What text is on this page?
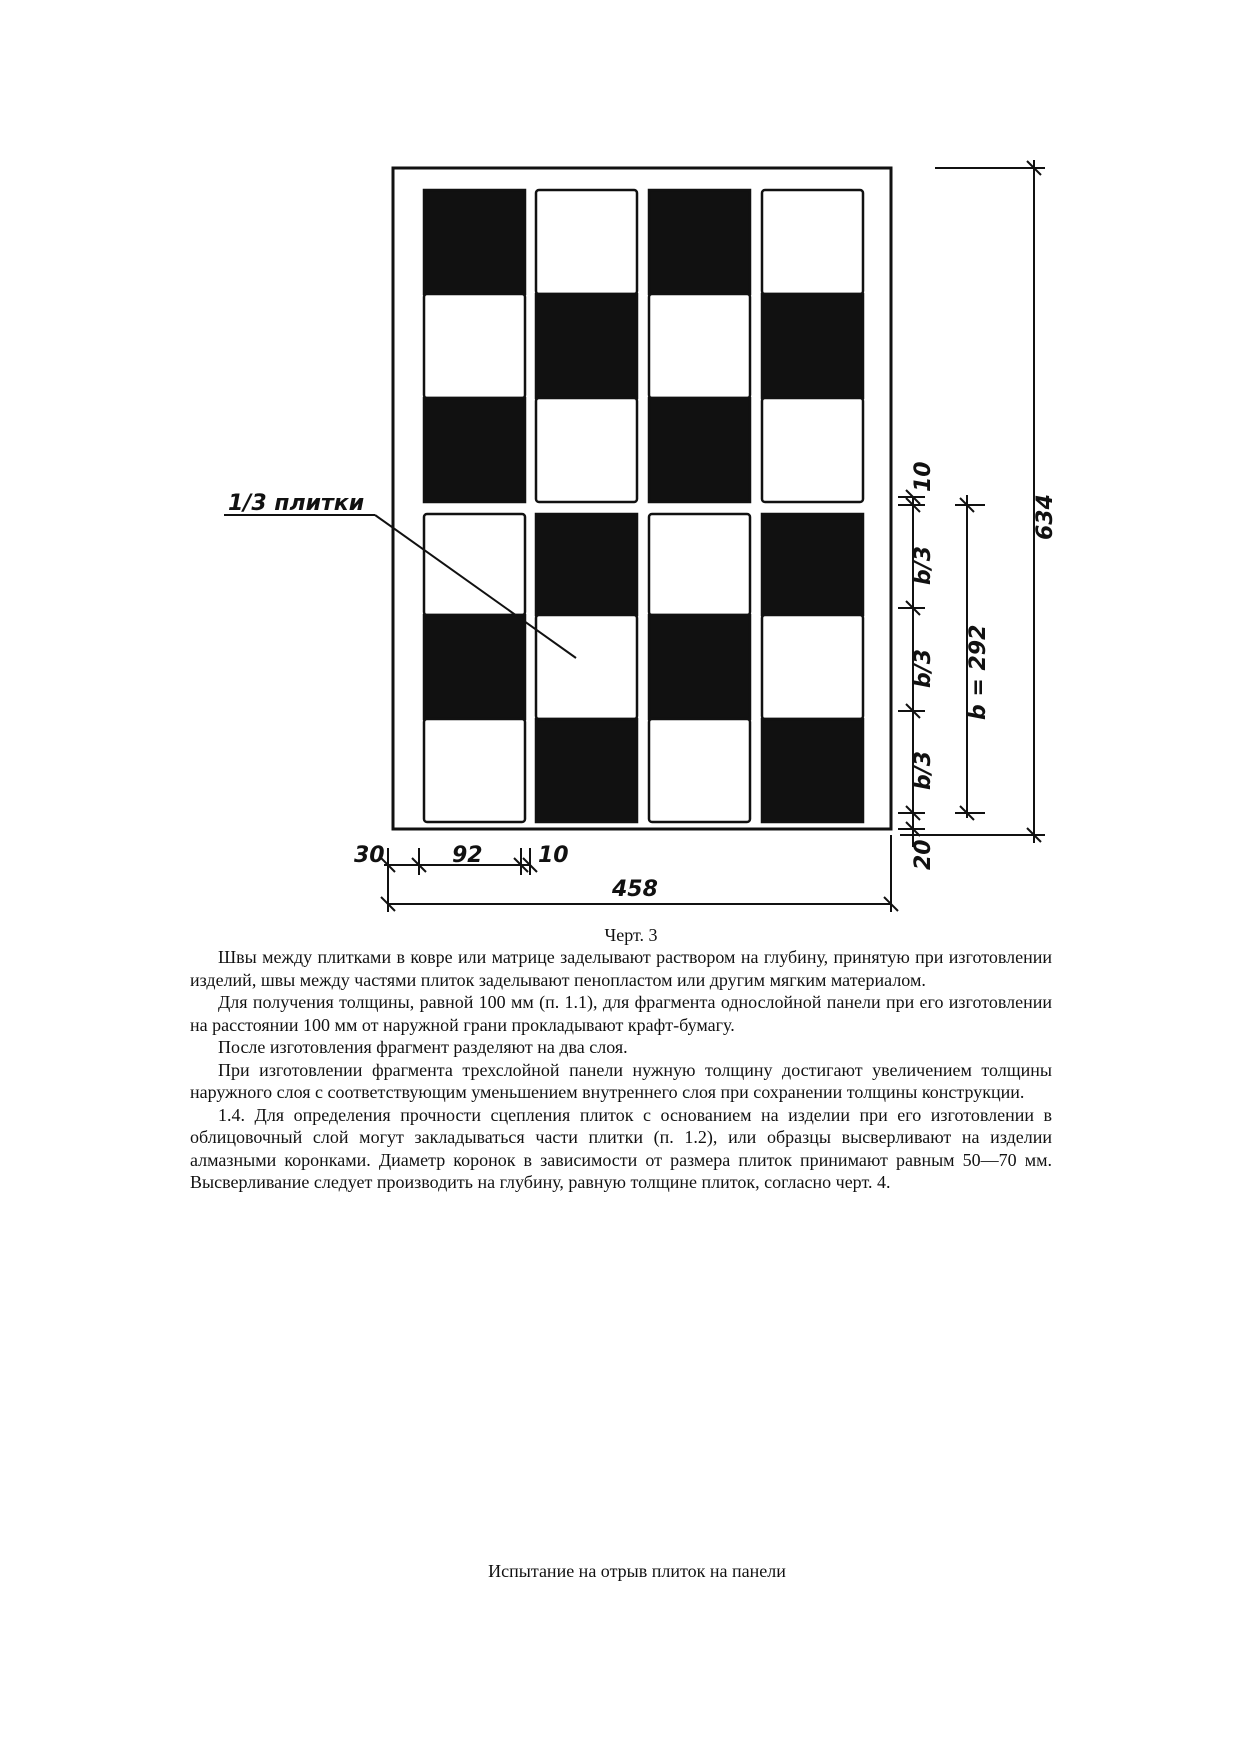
1/3 плитки
30	92	10
458
10
b/3
b/3
b/3
20
b = 292
634
Черт. 3

Швы между плитками в ковре или матрице заделывают раствором на глубину, принятую при изготовлении изделий, швы между частями плиток заделывают пенопластом или другим мягким материалом.

Для получения толщины, равной 100 мм (п. 1.1), для фрагмента однослойной панели при его изготовлении на расстоянии 100 мм от наружной грани прокладывают крафт-бумагу.

После изготовления фрагмент разделяют на два слоя.

При изготовлении фрагмента трехслойной панели нужную толщину достигают увеличением толщины наружного слоя с соответствующим уменьшением внутреннего слоя при сохранении толщины конструкции.

1.4. Для определения прочности сцепления плиток с основанием на изделии при его изготовлении в облицовочный слой могут закладываться части плитки (п. 1.2), или образцы высверливают на изделии алмазными коронками. Диаметр коронок в зависимости от размера плиток принимают равным 50—70 мм. Высверливание следует производить на глубину, равную толщине плиток, согласно черт. 4.

Испытание на отрыв плиток на панели
